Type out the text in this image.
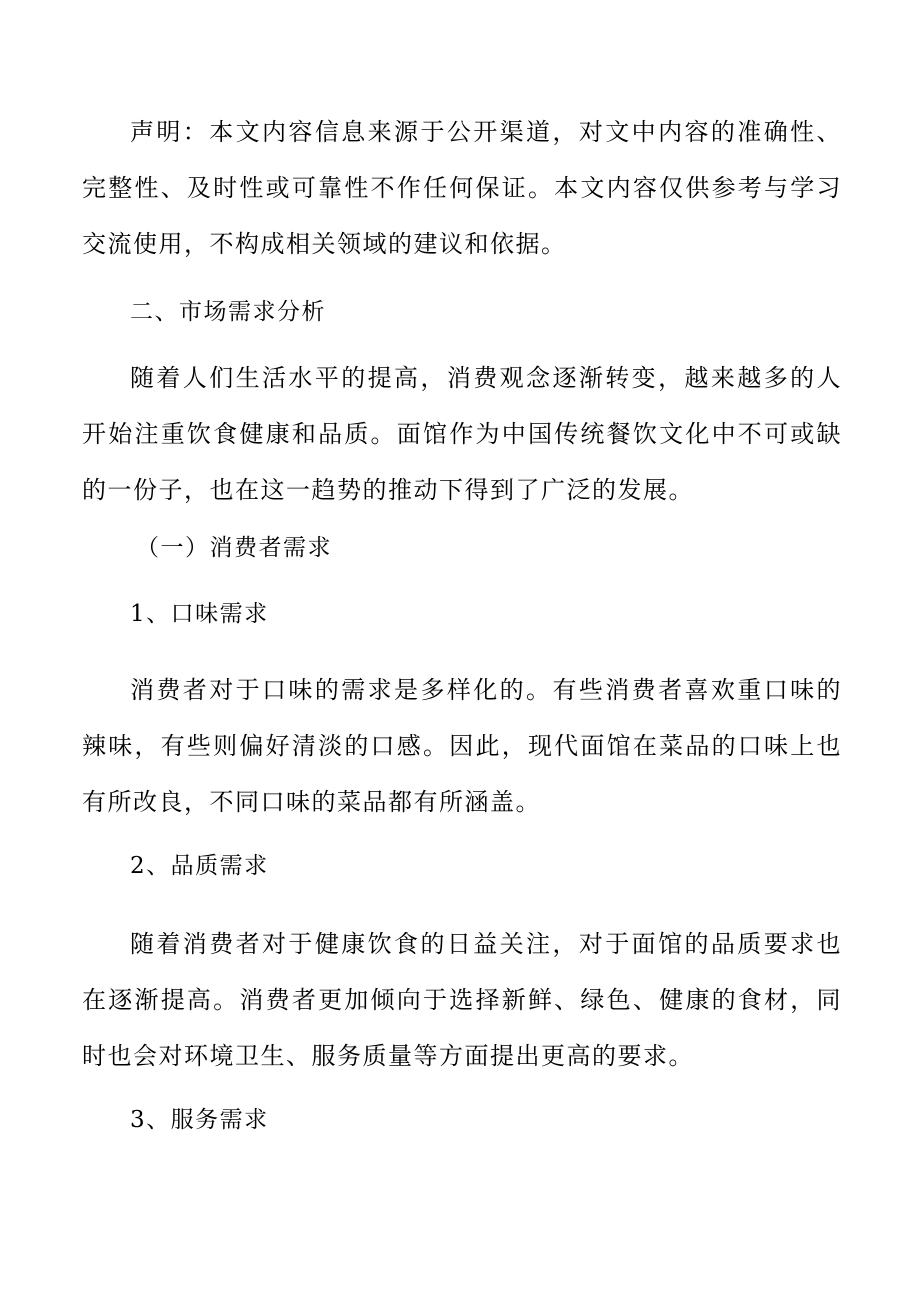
声明：本文内容信息来源于公开渠道，对文中内容的准确性、完整性、及时性或可靠性不作任何保证。本文内容仅供参考与学习交流使用，不构成相关领域的建议和依据。

二、市场需求分析

随着人们生活水平的提高，消费观念逐渐转变，越来越多的人开始注重饮食健康和品质。面馆作为中国传统餐饮文化中不可或缺的一份子，也在这一趋势的推动下得到了广泛的发展。

（一）消费者需求

1、口味需求

消费者对于口味的需求是多样化的。有些消费者喜欢重口味的辣味，有些则偏好清淡的口感。因此，现代面馆在菜品的口味上也有所改良，不同口味的菜品都有所涵盖。

2、品质需求

随着消费者对于健康饮食的日益关注，对于面馆的品质要求也在逐渐提高。消费者更加倾向于选择新鲜、绿色、健康的食材，同时也会对环境卫生、服务质量等方面提出更高的要求。

3、服务需求
